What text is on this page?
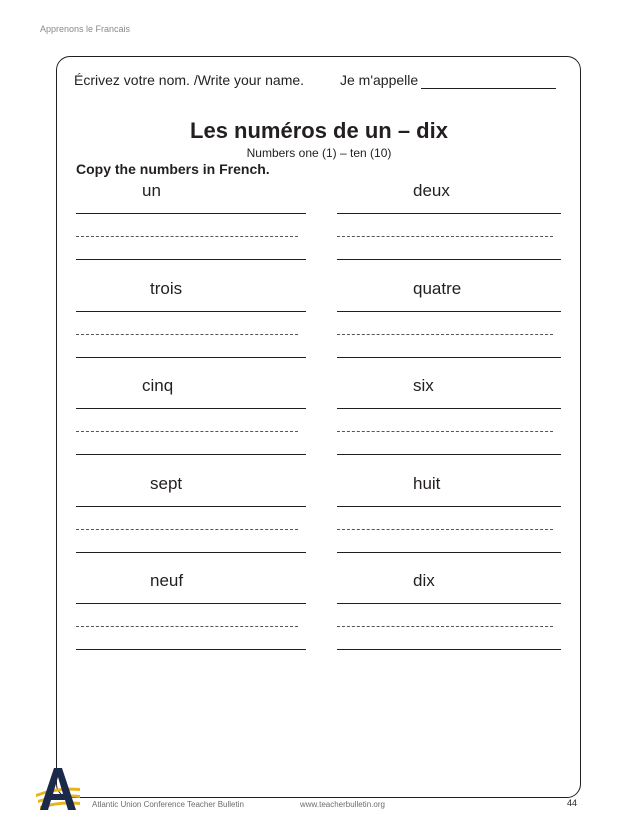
Apprenons le Francais
Écrivez votre nom. /Write your name.	Je m'appelle
Les numéros de un – dix
Numbers one (1) – ten (10)
Copy the numbers in French.
un	deux
trois	quatre
cinq	six
sept	huit
neuf	dix
Atlantic Union Conference Teacher Bulletin	www.teacherbulletin.org	44
